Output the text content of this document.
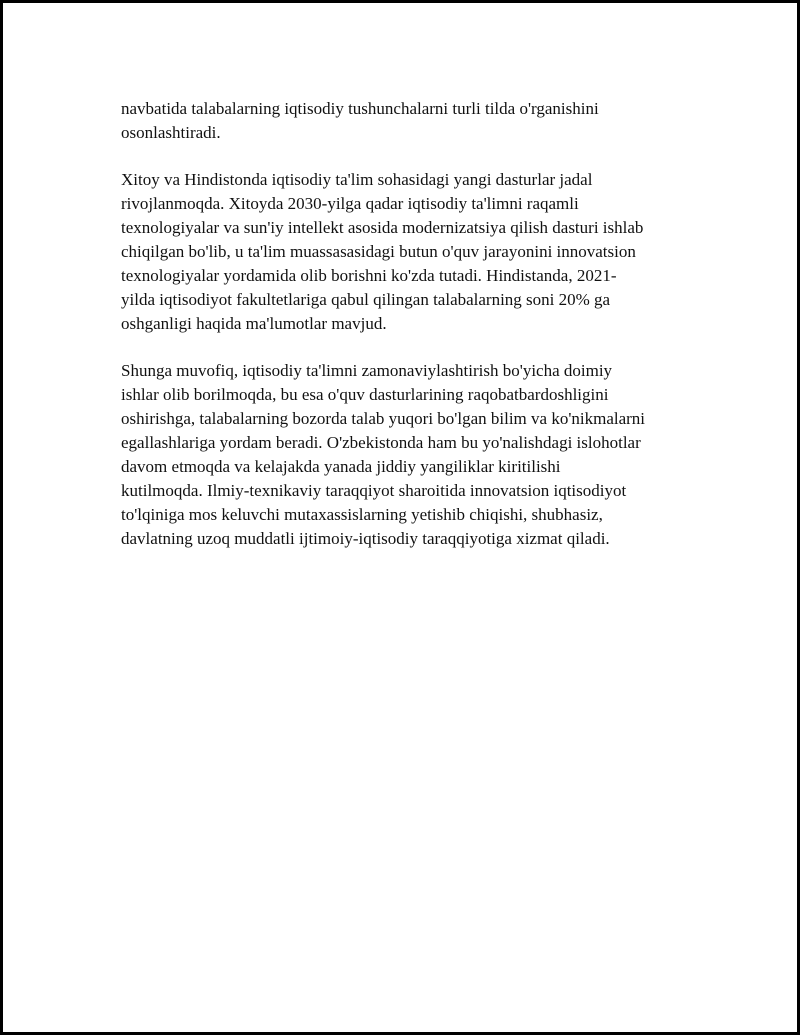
navbatida talabalarning iqtisodiy tushunchalarni turli tilda o'rganishini
osonlashtiradi.
Xitoy va Hindistonda iqtisodiy ta'lim sohasidagi yangi dasturlar jadal
rivojlanmoqda. Xitoyda 2030-yilga qadar iqtisodiy ta'limni raqamli
texnologiyalar va sun'iy intellekt asosida modernizatsiya qilish dasturi ishlab
chiqilgan bo'lib, u ta'lim muassasasidagi butun o'quv jarayonini innovatsion
texnologiyalar yordamida olib borishni ko'zda tutadi. Hindistanda, 2021-
yilda iqtisodiyot fakultetlariga qabul qilingan talabalarning soni 20% ga
oshganligi haqida ma'lumotlar mavjud.
Shunga muvofiq, iqtisodiy ta'limni zamonaviylashtirish bo'yicha doimiy
ishlar olib borilmoqda, bu esa o'quv dasturlarining raqobatbardoshligini
oshirishga, talabalarning bozorda talab yuqori bo'lgan bilim va ko'nikmalarni
egallashlariga yordam beradi. O'zbekistonda ham bu yo'nalishdagi islohotlar
davom etmoqda va kelajakda yanada jiddiy yangiliklar kiritilishi
kutilmoqda. Ilmiy-texnikaviy taraqqiyot sharoitida innovatsion iqtisodiyot
to'lqiniga mos keluvchi mutaxassislarning yetishib chiqishi, shubhasiz,
davlatning uzoq muddatli ijtimoiy-iqtisodiy taraqqiyotiga xizmat qiladi.
